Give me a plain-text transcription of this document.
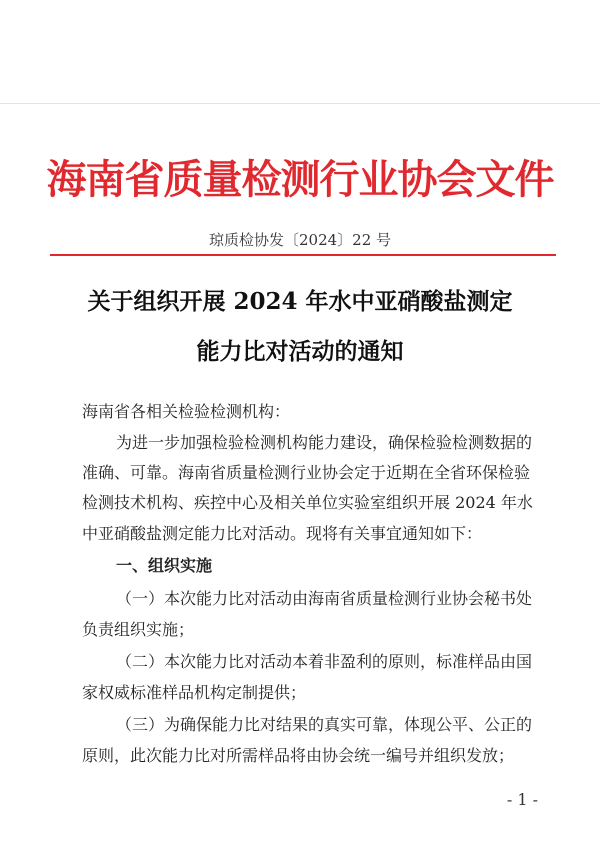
海南省质量检测行业协会文件
琼质检协发〔2024〕22 号
关于组织开展 2024 年水中亚硝酸盐测定
能力比对活动的通知
海南省各相关检验检测机构：
为进一步加强检验检测机构能力建设，确保检验检测数据的
准确、可靠。海南省质量检测行业协会定于近期在全省环保检验
检测技术机构、疾控中心及相关单位实验室组织开展 2024 年水
中亚硝酸盐测定能力比对活动。现将有关事宜通知如下：
一、组织实施
（一）本次能力比对活动由海南省质量检测行业协会秘书处
负责组织实施；
（二）本次能力比对活动本着非盈利的原则，标准样品由国
家权威标准样品机构定制提供；
（三）为确保能力比对结果的真实可靠，体现公平、公正的
原则，此次能力比对所需样品将由协会统一编号并组织发放；
- 1 -
